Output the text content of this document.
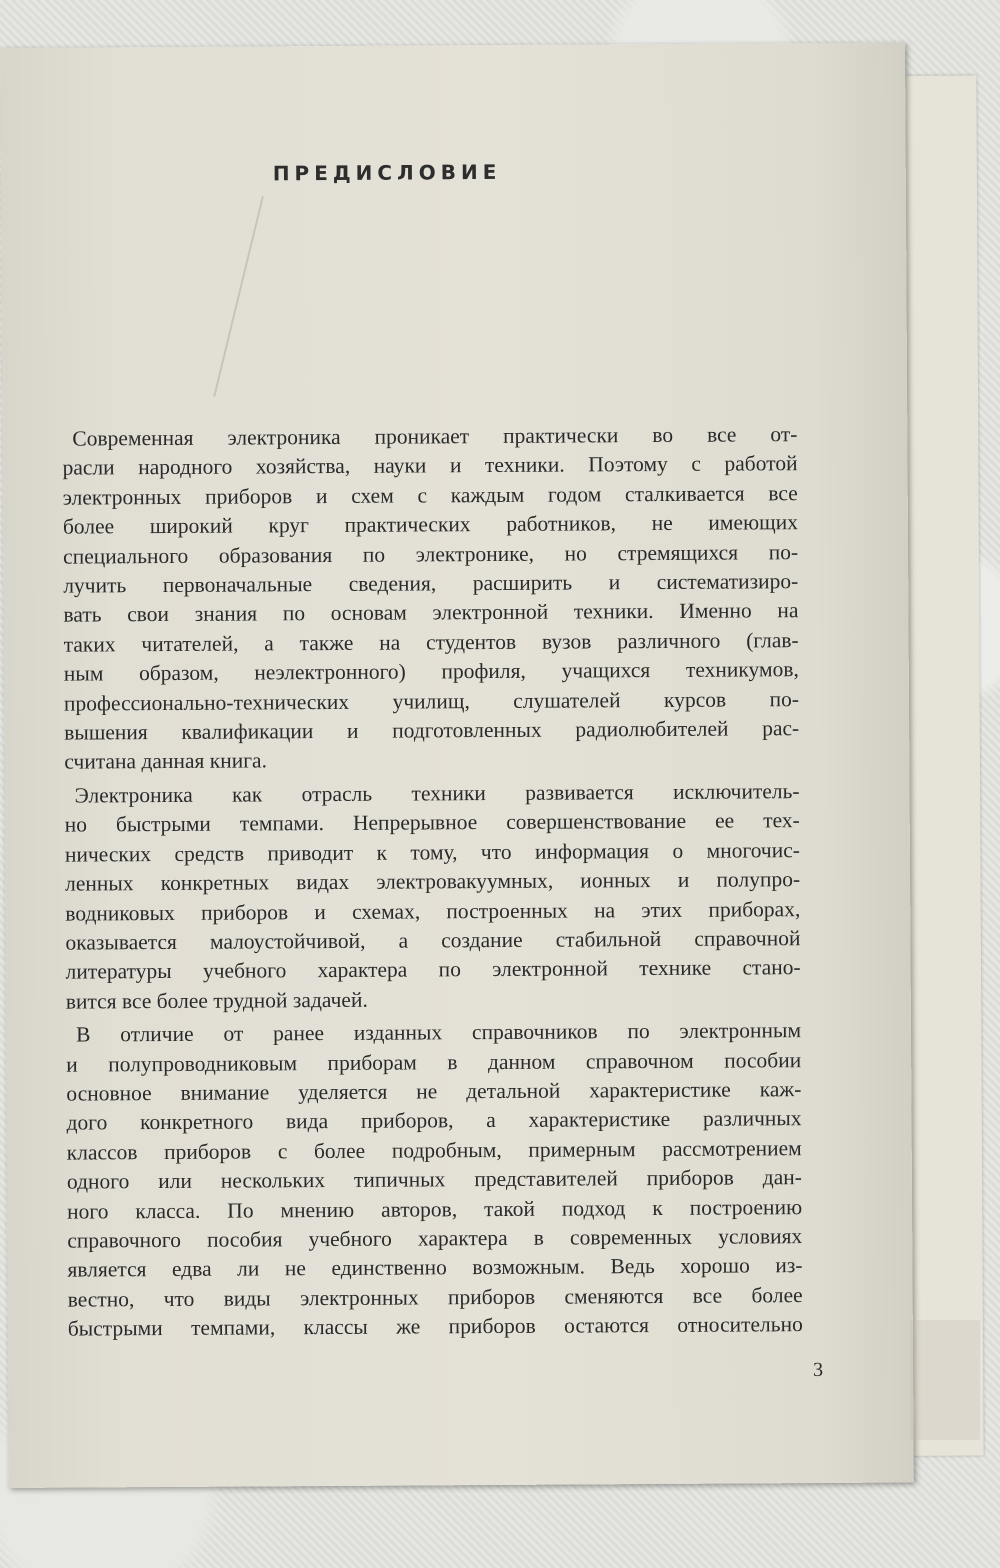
ПРЕДИСЛОВИЕ

Современная электроника проникает практически во все от-

расли народного хозяйства, науки и техники. Поэтому с работой

электронных приборов и схем с каждым годом сталкивается все

более широкий круг практических работников, не имеющих

специального образования по электронике, но стремящихся по-

лучить первоначальные сведения, расширить и систематизиро-

вать свои знания по основам электронной техники. Именно на

таких читателей, а также на студентов вузов различного (глав-

ным образом, неэлектронного) профиля, учащихся техникумов,

профессионально-технических училищ, слушателей курсов по-

вышения квалификации и подготовленных радиолюбителей рас-

считана данная книга.

Электроника как отрасль техники развивается исключитель-

но быстрыми темпами. Непрерывное совершенствование ее тех-

нических средств приводит к тому, что информация о многочис-

ленных конкретных видах электровакуумных, ионных и полупро-

водниковых приборов и схемах, построенных на этих приборах,

оказывается малоустойчивой, а создание стабильной справочной

литературы учебного характера по электронной технике стано-

вится все более трудной задачей.

В отличие от ранее изданных справочников по электронным

и полупроводниковым приборам в данном справочном пособии

основное внимание уделяется не детальной характеристике каж-

дого конкретного вида приборов, а характеристике различных

классов приборов с более подробным, примерным рассмотрением

одного или нескольких типичных представителей приборов дан-

ного класса. По мнению авторов, такой подход к построению

справочного пособия учебного характера в современных условиях

является едва ли не единственно возможным. Ведь хорошо из-

вестно, что виды электронных приборов сменяются все более

быстрыми темпами, классы же приборов остаются относительно

3
